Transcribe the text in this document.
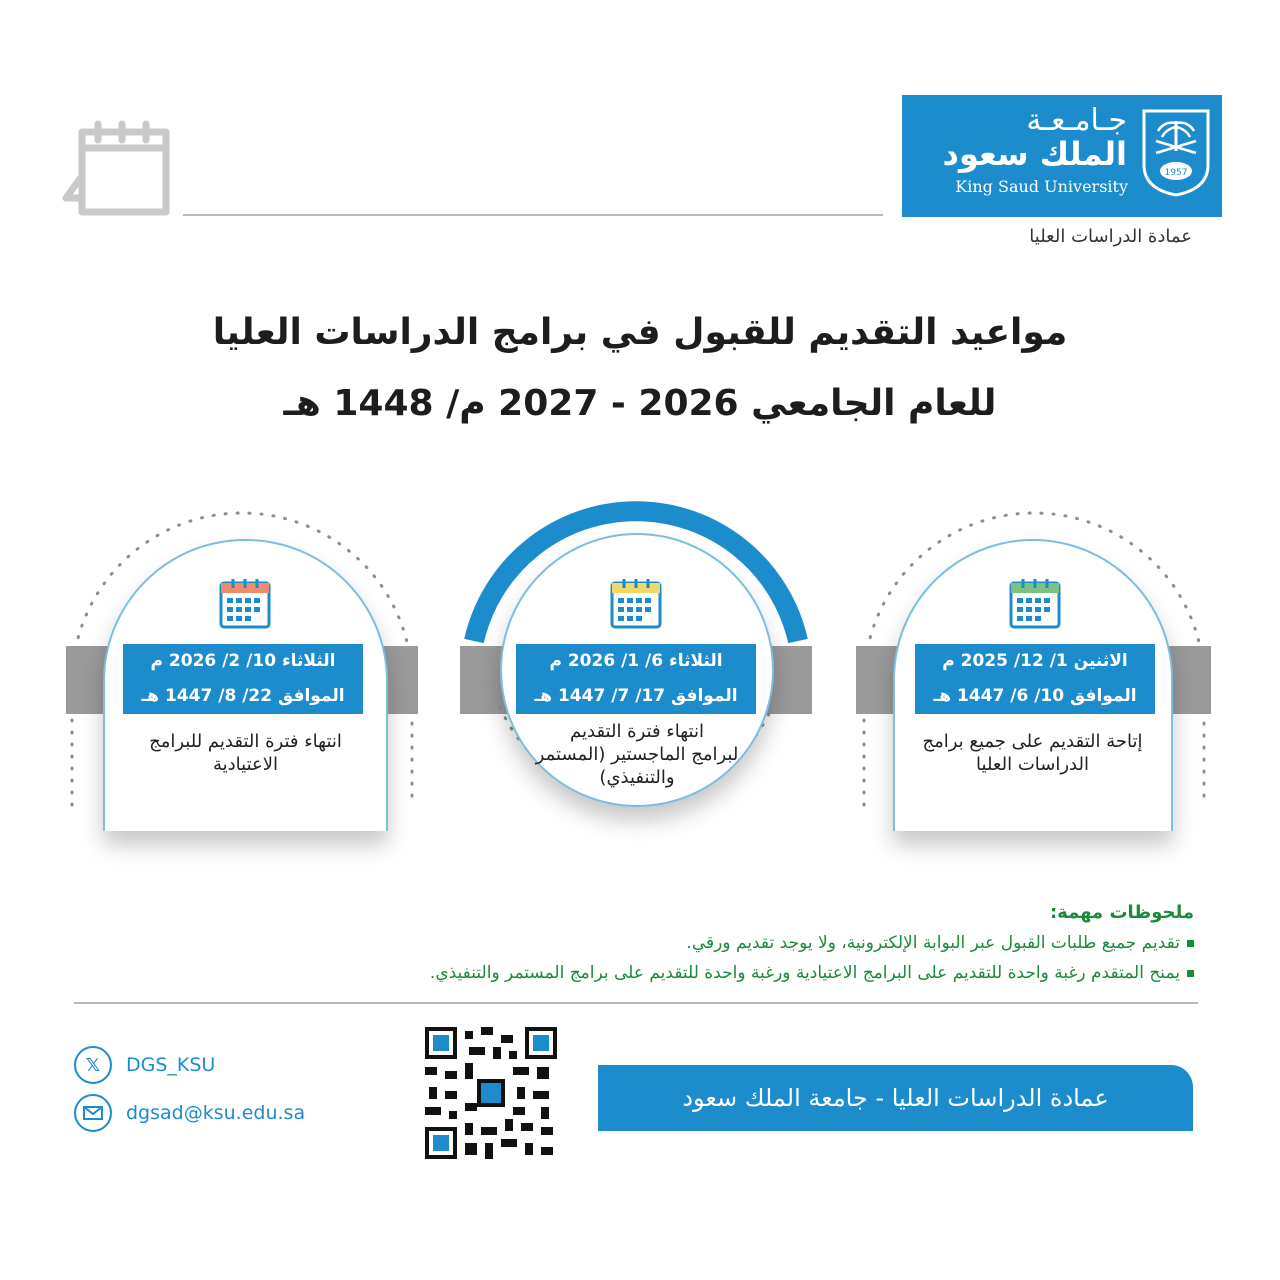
جـامـعـة
الملك سعود
King Saud University
1957
عمادة الدراسات العليا
مواعيد التقديم للقبول في برامج الدراسات العليا
للعام الجامعي 2026 - 2027 م/ 1448 هـ
الثلاثاء 10/ 2/ 2026 م
الموافق 22/ 8/ 1447 هـ
انتهاء فترة التقديم للبرامج
الاعتيادية
الثلاثاء 6/ 1/ 2026 م
الموافق 17/ 7/ 1447 هـ
انتهاء فترة التقديم
لبرامج الماجستير (المستمر
والتنفيذي)
الاثنين 1/ 12/ 2025 م
الموافق 10/ 6/ 1447 هـ
إتاحة التقديم على جميع برامج
الدراسات العليا
ملحوظات مهمة:
تقديم جميع طلبات القبول عبر البوابة الإلكترونية، ولا يوجد تقديم ورقي.
يمنح المتقدم رغبة واحدة للتقديم على البرامج الاعتيادية ورغبة واحدة للتقديم على برامج المستمر والتنفيذي.
𝕏	DGS_KSU
dgsad@ksu.edu.sa
عمادة الدراسات العليا - جامعة الملك سعود
